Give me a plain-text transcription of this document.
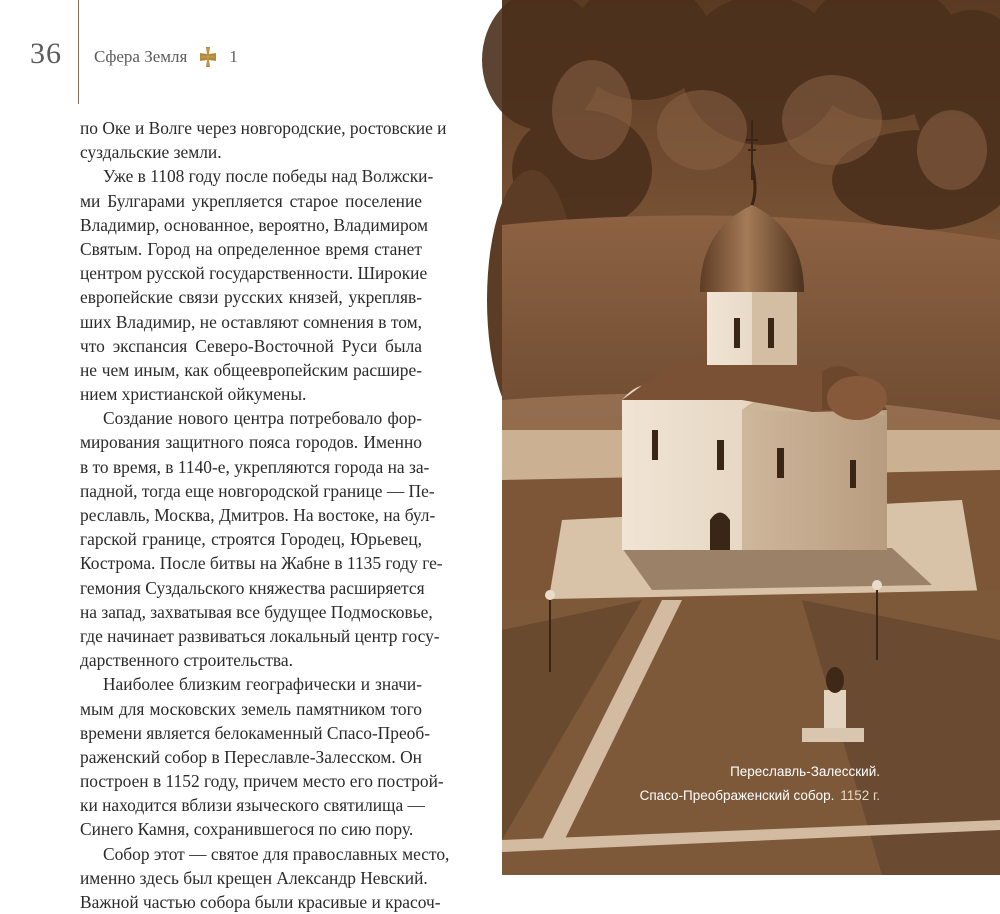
36 Сфера Земля 1
по Оке и Волге через новгородские, ростовские и
суздальские земли.
Уже в 1108 году после победы над Волжски-
ми Булгарами укрепляется старое поселение
Владимир, основанное, вероятно, Владимиром
Святым. Город на определенное время станет
центром русской государственности. Широкие
европейские связи русских князей, укрепляв-
ших Владимир, не оставляют сомнения в том,
что экспансия Северо-Восточной Руси была
не чем иным, как общеевропейским расшире-
нием христианской ойкумены.
Создание нового центра потребовало фор-
мирования защитного пояса городов. Именно
в то время, в 1140-е, укрепляются города на за-
падной, тогда еще новгородской границе — Пе-
реславль, Москва, Дмитров. На востоке, на бул-
гарской границе, строятся Городец, Юрьевец,
Кострома. После битвы на Жабне в 1135 году ге-
гемония Суздальского княжества расширяется
на запад, захватывая все будущее Подмосковье,
где начинает развиваться локальный центр госу-
дарственного строительства.
Наиболее близким географически и значи-
мым для московских земель памятником того
времени является белокаменный Спасо-Преоб-
раженский собор в Переславле-Залесском. Он
построен в 1152 году, причем место его построй-
ки находится вблизи языческого святилища —
Синего Камня, сохранившегося по сию пору.
Собор этот — святое для православных место,
именно здесь был крещен Александр Невский.
Важной частью собора были красивые и красоч-
Переславль-Залесский.
Спасо-Преображенский собор. 1152 г.
